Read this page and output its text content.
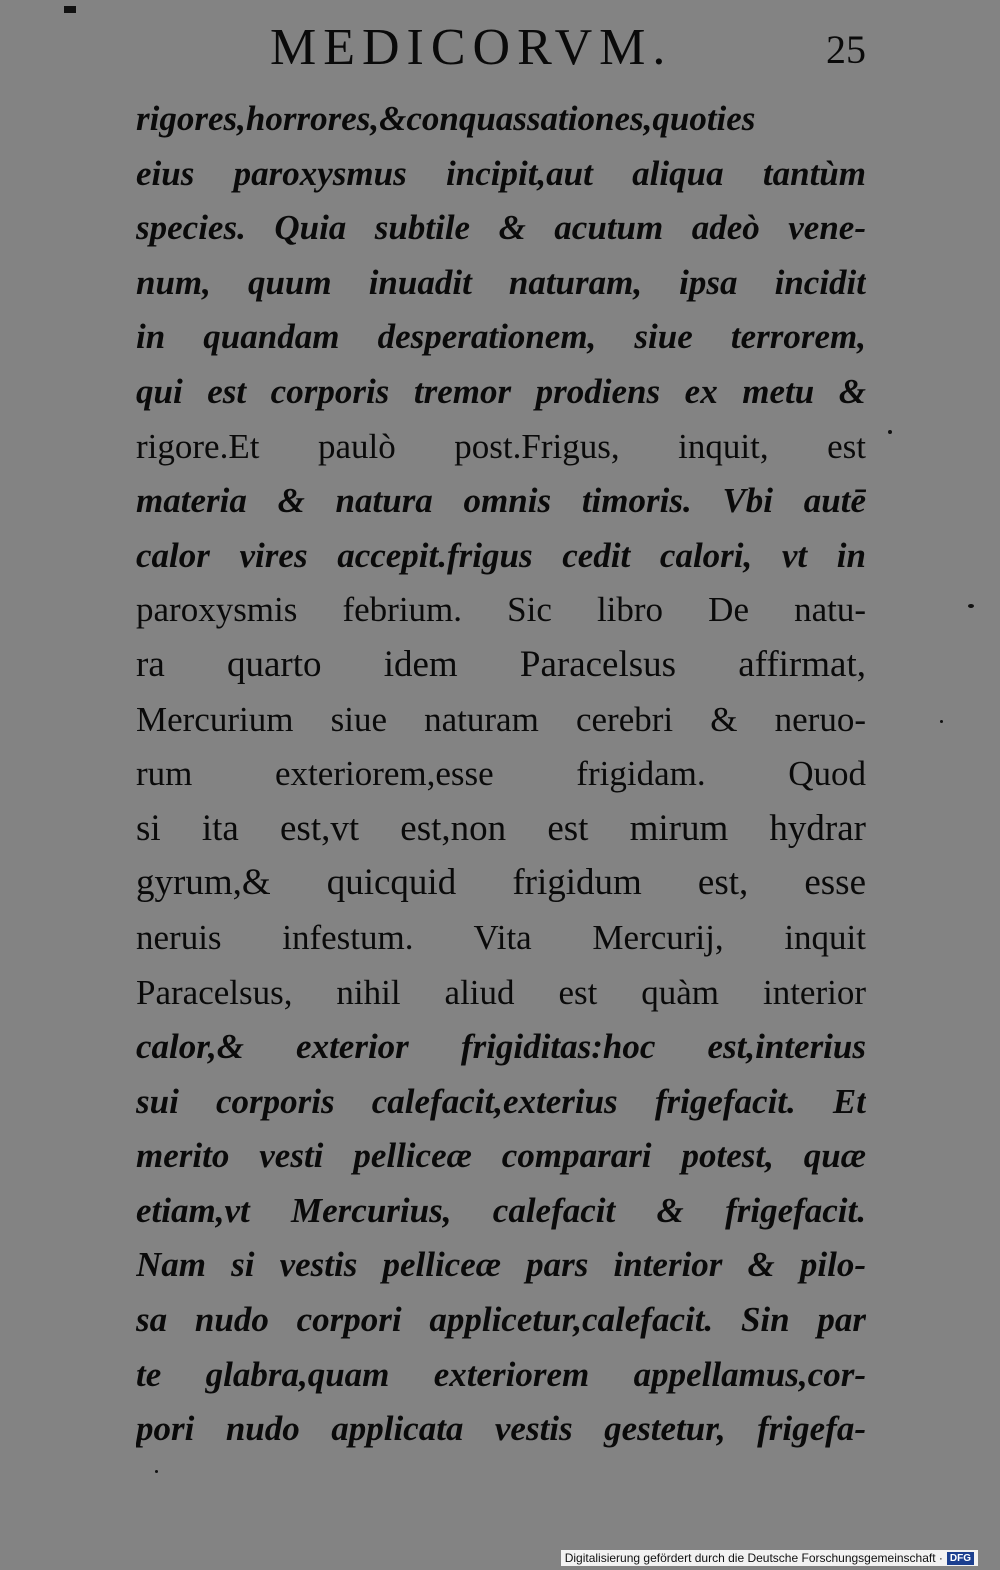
MEDICORVM.	25
rigores,horrores,&conquassationes,quoties
eius paroxysmus incipit,aut aliqua tantùm
species. Quia subtile & acutum adeò vene-
num, quum inuadit naturam, ipsa incidit
in quandam desperationem, siue terrorem,
qui est corporis tremor prodiens ex metu &
rigore.Et paulò post.Frigus, inquit, est
materia & natura omnis timoris. Vbi autē
calor vires accepit.frigus cedit calori, vt in
paroxysmis febrium. Sic libro De natu-
ra quarto idem Paracelsus affirmat,
Mercurium siue naturam cerebri & neruo-
rum exteriorem,esse frigidam. Quod
si ita est,vt est,non est mirum hydrar
gyrum,& quicquid frigidum est, esse
neruis infestum. Vita Mercurij, inquit
Paracelsus, nihil aliud est quàm interior
calor,& exterior frigiditas:hoc est,interius
sui corporis calefacit,exterius frigefacit. Et
merito vesti pelliceæ comparari potest, quæ
etiam,vt Mercurius, calefacit & frigefacit.
Nam si vestis pelliceæ pars interior & pilo-
sa nudo corpori applicetur,calefacit. Sin par
te glabra,quam exteriorem appellamus,cor-
pori nudo applicata vestis gestetur, frigefa-
Digitalisierung gefördert durch die Deutsche Forschungsgemeinschaft · DFG
